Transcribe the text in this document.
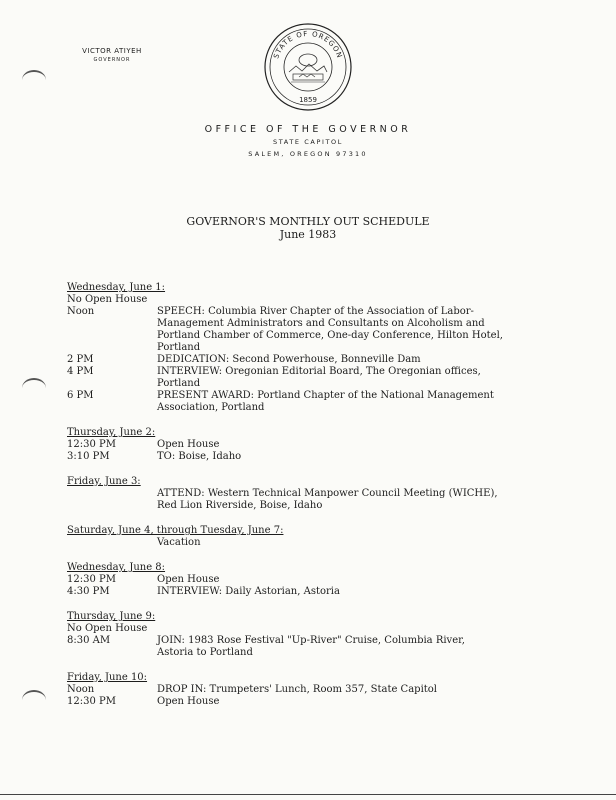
VICTOR ATIYEH
GOVERNOR
STATE OF OREGON
1859
OFFICE OF THE GOVERNOR
STATE CAPITOL
SALEM, OREGON 97310
GOVERNOR'S MONTHLY OUT SCHEDULE
June 1983
Wednesday, June 1:
No Open House
Noon	SPEECH: Columbia River Chapter of the Association of Labor-
Management Administrators and Consultants on Alcoholism and
Portland Chamber of Commerce, One-day Conference, Hilton Hotel,
Portland
2 PM	DEDICATION: Second Powerhouse, Bonneville Dam
4 PM	INTERVIEW: Oregonian Editorial Board, The Oregonian offices,
Portland
6 PM	PRESENT AWARD: Portland Chapter of the National Management
Association, Portland
Thursday, June 2:
12:30 PM	Open House
3:10 PM	TO: Boise, Idaho
Friday, June 3:
ATTEND: Western Technical Manpower Council Meeting (WICHE),
Red Lion Riverside, Boise, Idaho
Saturday, June 4, through Tuesday, June 7:
Vacation
Wednesday, June 8:
12:30 PM	Open House
4:30 PM	INTERVIEW: Daily Astorian, Astoria
Thursday, June 9:
No Open House
8:30 AM	JOIN: 1983 Rose Festival "Up-River" Cruise, Columbia River,
Astoria to Portland
Friday, June 10:
Noon	DROP IN: Trumpeters' Lunch, Room 357, State Capitol
12:30 PM	Open House
